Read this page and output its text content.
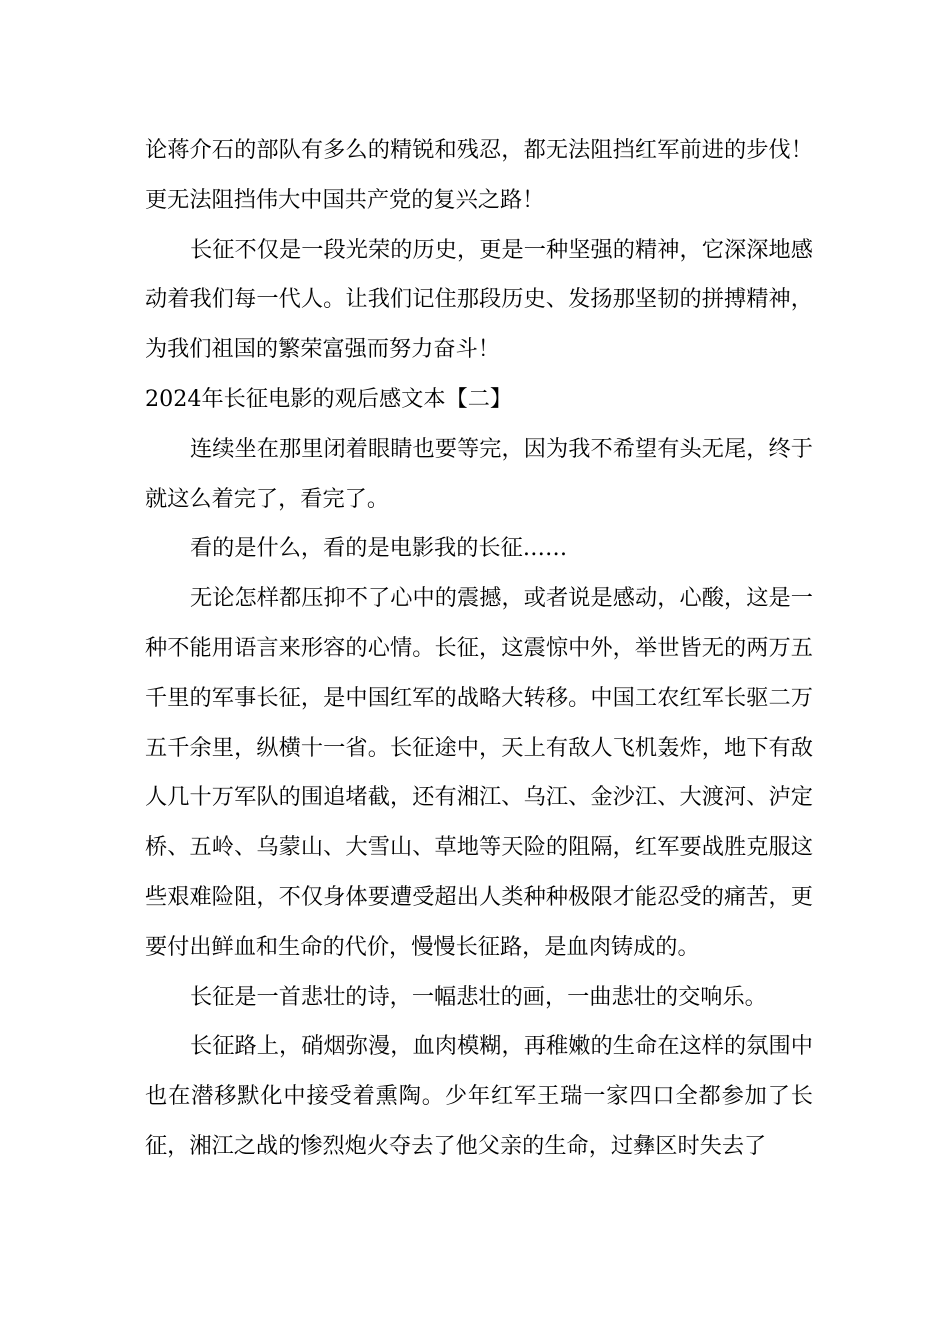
论蒋介石的部队有多么的精锐和残忍，都无法阻挡红军前进的步伐！更无法阻挡伟大中国共产党的复兴之路！

长征不仅是一段光荣的历史，更是一种坚强的精神，它深深地感动着我们每一代人。让我们记住那段历史、发扬那坚韧的拼搏精神，为我们祖国的繁荣富强而努力奋斗！

2024年长征电影的观后感文本【二】

连续坐在那里闭着眼睛也要等完，因为我不希望有头无尾，终于就这么着完了，看完了。

看的是什么，看的是电影我的长征……

无论怎样都压抑不了心中的震撼，或者说是感动，心酸，这是一种不能用语言来形容的心情。长征，这震惊中外，举世皆无的两万五千里的军事长征，是中国红军的战略大转移。中国工农红军长驱二万五千余里，纵横十一省。长征途中，天上有敌人飞机轰炸，地下有敌人几十万军队的围追堵截，还有湘江、乌江、金沙江、大渡河、泸定桥、五岭、乌蒙山、大雪山、草地等天险的阻隔，红军要战胜克服这些艰难险阻，不仅身体要遭受超出人类种种极限才能忍受的痛苦，更要付出鲜血和生命的代价，慢慢长征路，是血肉铸成的。

长征是一首悲壮的诗，一幅悲壮的画，一曲悲壮的交响乐。

长征路上，硝烟弥漫，血肉模糊，再稚嫩的生命在这样的氛围中也在潜移默化中接受着熏陶。少年红军王瑞一家四口全都参加了长征，湘江之战的惨烈炮火夺去了他父亲的生命，过彝区时失去了
